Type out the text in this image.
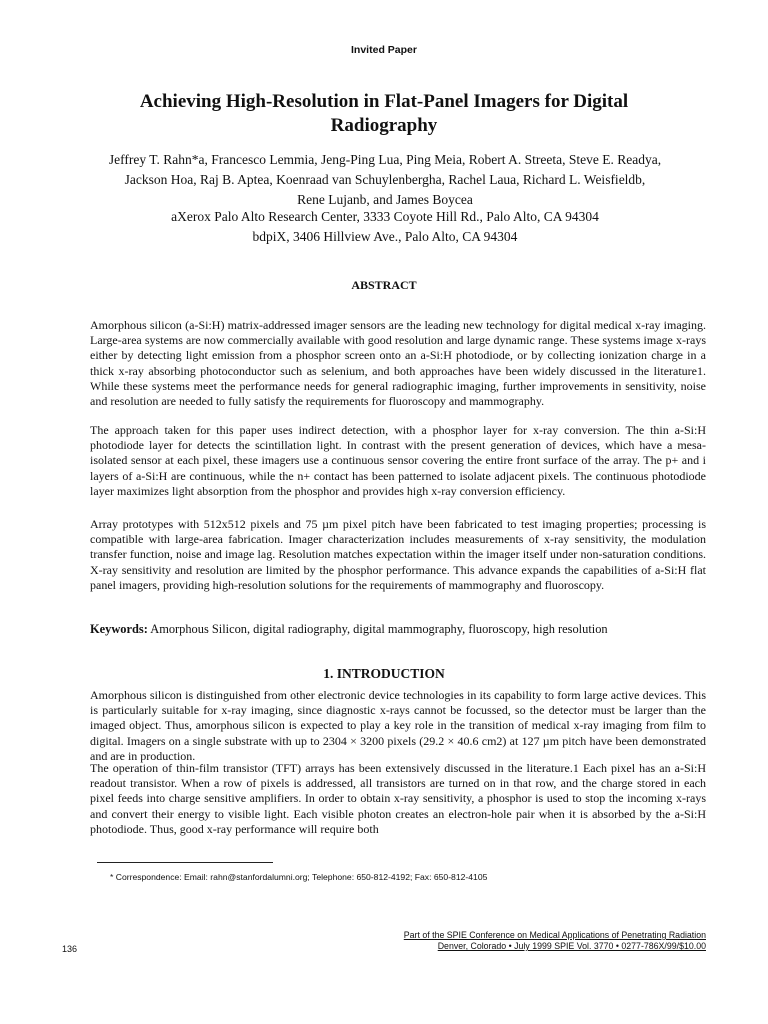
Invited Paper
Achieving High-Resolution in Flat-Panel Imagers for Digital Radiography
Jeffrey T. Rahn*a, Francesco Lemmia, Jeng-Ping Lua, Ping Meia, Robert A. Streeta, Steve E. Readya,
Jackson Hoa, Raj B. Aptea, Koenraad van Schuylenbergha, Rachel Laua, Richard L. Weisfieldb,
Rene Lujanb, and James Boycea
aXerox Palo Alto Research Center, 3333 Coyote Hill Rd., Palo Alto, CA 94304
bdpiX, 3406 Hillview Ave., Palo Alto, CA 94304
ABSTRACT

Amorphous silicon (a-Si:H) matrix-addressed imager sensors are the leading new technology for digital medical x-ray imaging. Large-area systems are now commercially available with good resolution and large dynamic range. These systems image x-rays either by detecting light emission from a phosphor screen onto an a-Si:H photodiode, or by collecting ionization charge in a thick x-ray absorbing photoconductor such as selenium, and both approaches have been widely discussed in the literature1. While these systems meet the performance needs for general radiographic imaging, further improvements in sensitivity, noise and resolution are needed to fully satisfy the requirements for fluoroscopy and mammography.

The approach taken for this paper uses indirect detection, with a phosphor layer for x-ray conversion. The thin a-Si:H photodiode layer for detects the scintillation light. In contrast with the present generation of devices, which have a mesa-isolated sensor at each pixel, these imagers use a continuous sensor covering the entire front surface of the array. The p+ and i layers of a-Si:H are continuous, while the n+ contact has been patterned to isolate adjacent pixels. The continuous photodiode layer maximizes light absorption from the phosphor and provides high x-ray conversion efficiency.

Array prototypes with 512x512 pixels and 75 µm pixel pitch have been fabricated to test imaging properties; processing is compatible with large-area fabrication. Imager characterization includes measurements of x-ray sensitivity, the modulation transfer function, noise and image lag. Resolution matches expectation within the imager itself under non-saturation conditions. X-ray sensitivity and resolution are limited by the phosphor performance. This advance expands the capabilities of a-Si:H flat panel imagers, providing high-resolution solutions for the requirements of mammography and fluoroscopy.

Keywords: Amorphous Silicon, digital radiography, digital mammography, fluoroscopy, high resolution

1. INTRODUCTION

Amorphous silicon is distinguished from other electronic device technologies in its capability to form large active devices. This is particularly suitable for x-ray imaging, since diagnostic x-rays cannot be focussed, so the detector must be larger than the imaged object. Thus, amorphous silicon is expected to play a key role in the transition of medical x-ray imaging from film to digital. Imagers on a single substrate with up to 2304 × 3200 pixels (29.2 × 40.6 cm2) at 127 µm pitch have been demonstrated and are in production.

The operation of thin-film transistor (TFT) arrays has been extensively discussed in the literature.1 Each pixel has an a-Si:H readout transistor. When a row of pixels is addressed, all transistors are turned on in that row, and the charge stored in each pixel feeds into charge sensitive amplifiers. In order to obtain x-ray sensitivity, a phosphor is used to stop the incoming x-rays and convert their energy to visible light. Each visible photon creates an electron-hole pair when it is absorbed by the a-Si:H photodiode. Thus, good x-ray performance will require both

* Correspondence: Email: rahn@stanfordalumni.org; Telephone: 650-812-4192; Fax: 650-812-4105
Part of the SPIE Conference on Medical Applications of Penetrating Radiation
Denver, Colorado • July 1999 SPIE Vol. 3770 • 0277-786X/99/$10.00
136
